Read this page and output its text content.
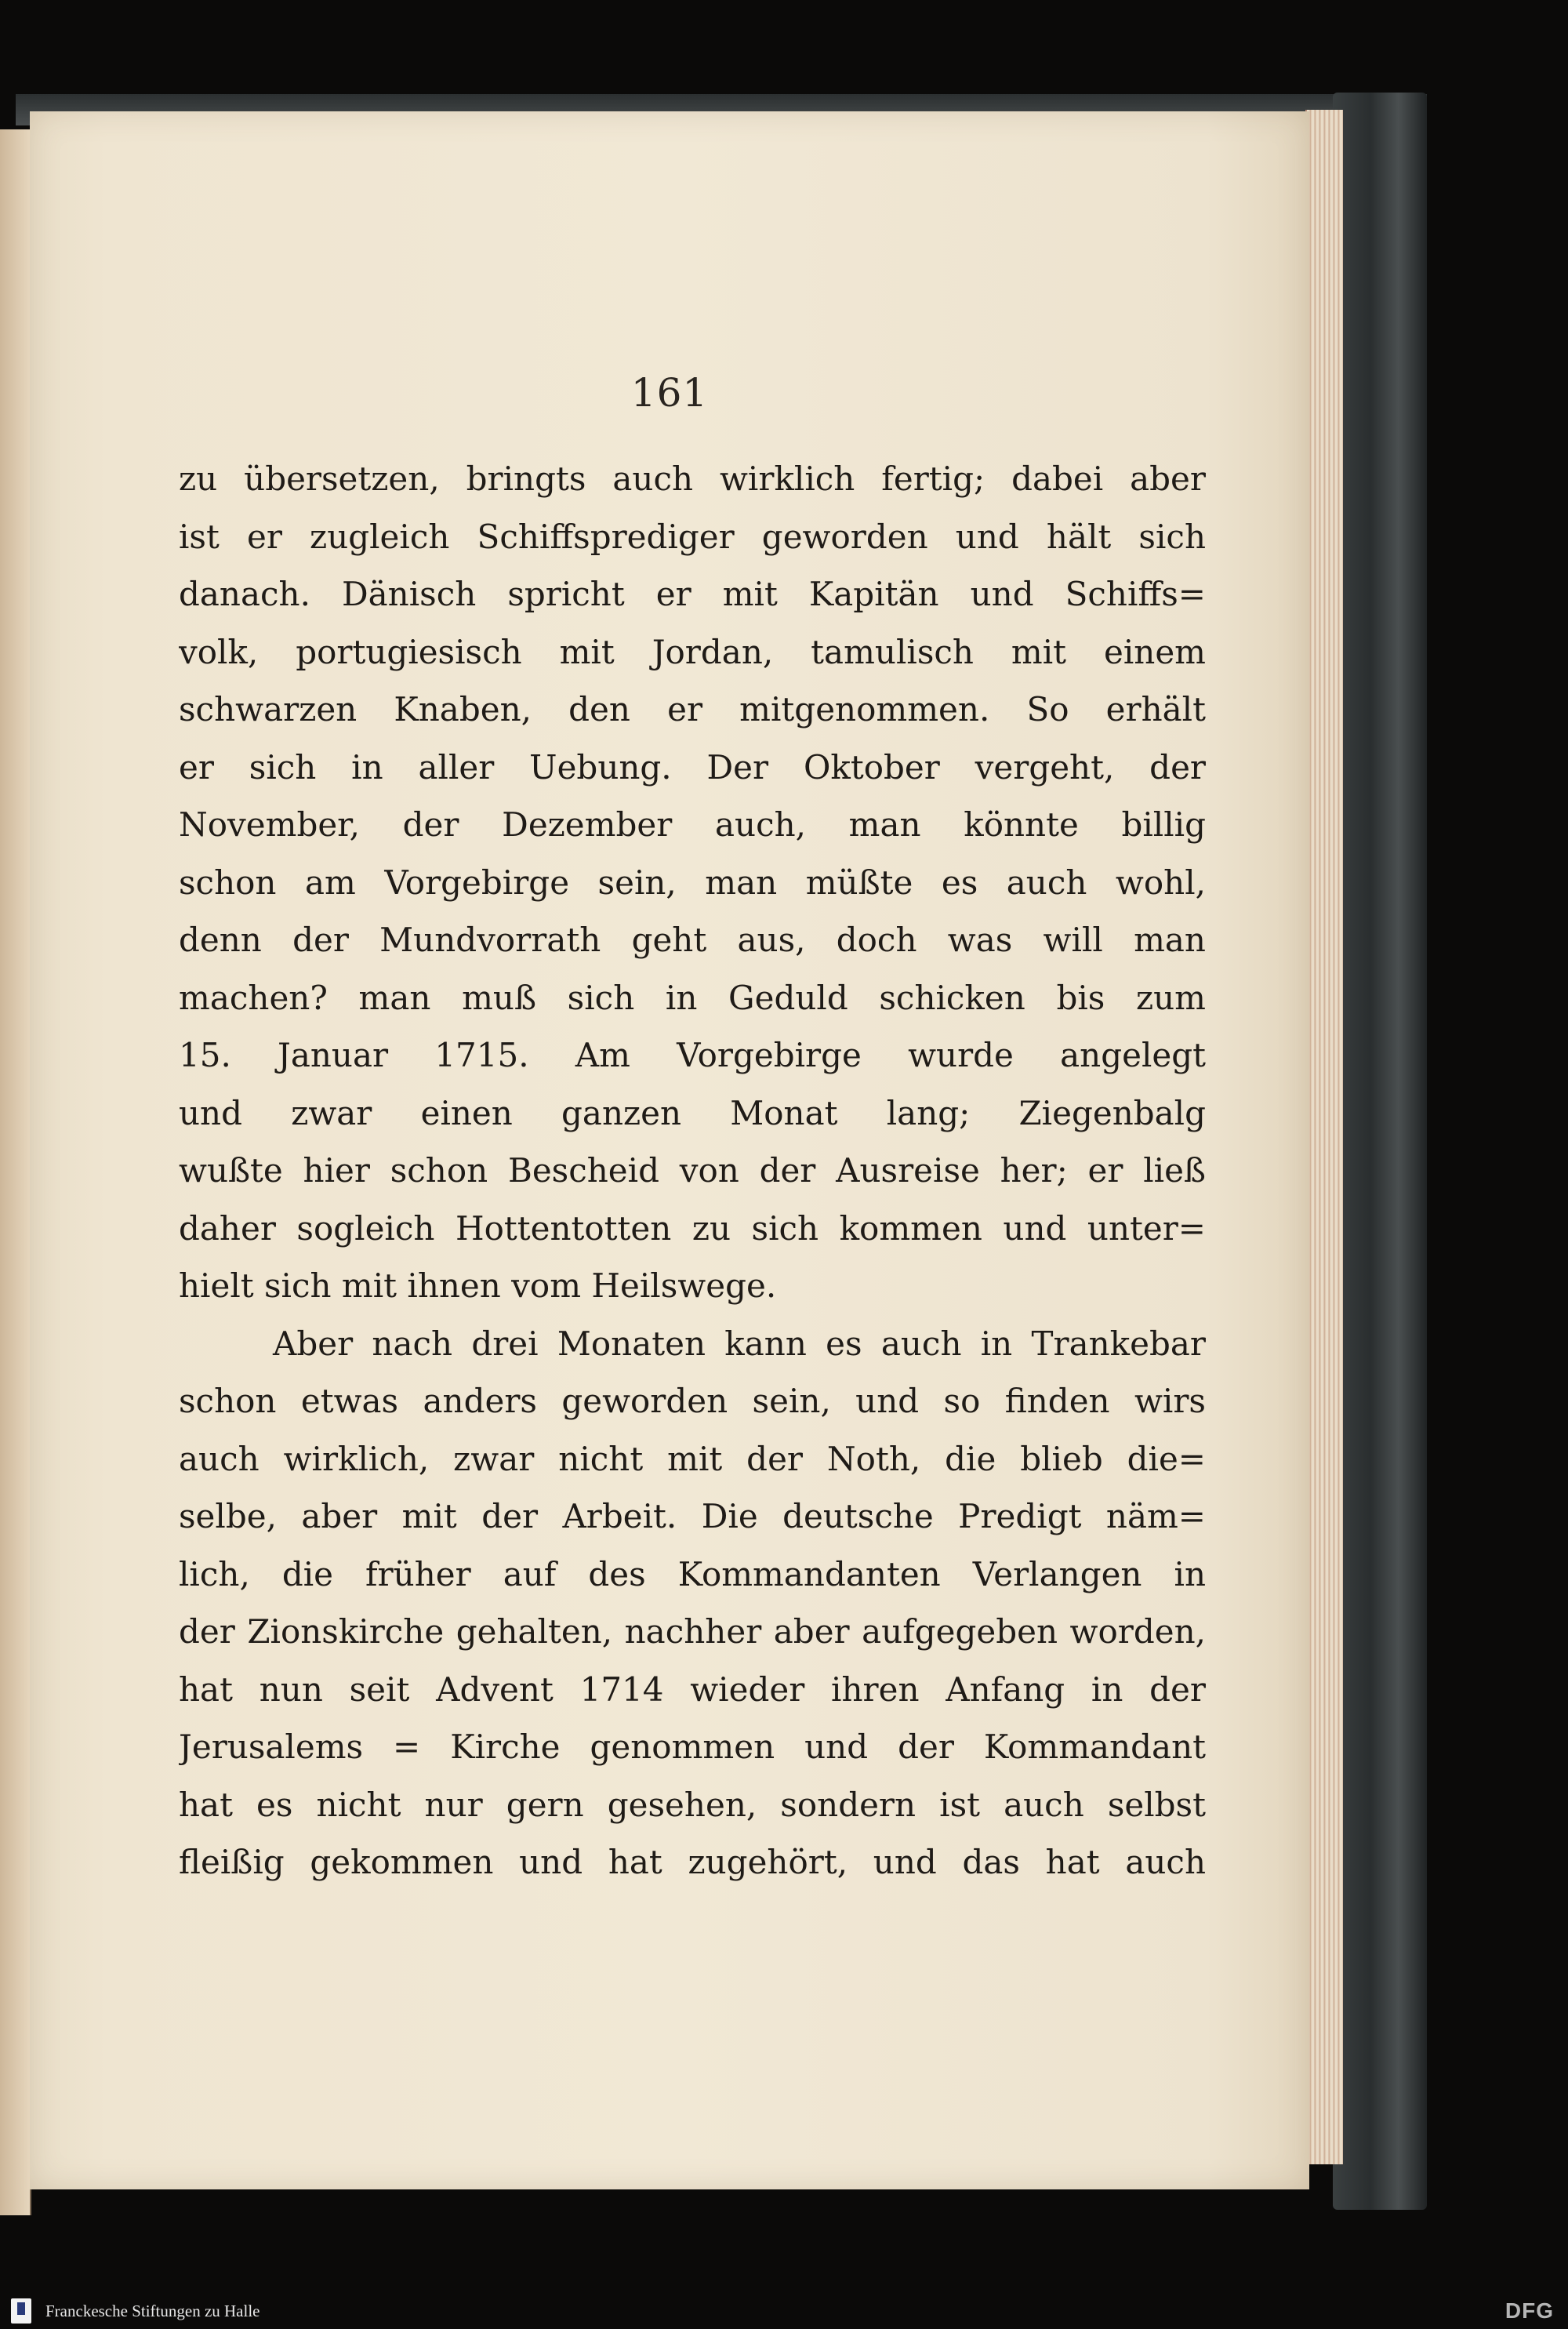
161
zu übersetzen, bringts auch wirklich fertig; dabei aber
ist er zugleich Schiffsprediger geworden und hält sich
danach. Dänisch spricht er mit Kapitän und Schiffs=
volk, portugiesisch mit Jordan, tamulisch mit einem
schwarzen Knaben, den er mitgenommen. So erhält
er sich in aller Uebung. Der Oktober vergeht, der
November, der Dezember auch, man könnte billig
schon am Vorgebirge sein, man müßte es auch wohl,
denn der Mundvorrath geht aus, doch was will man
machen? man muß sich in Geduld schicken bis zum
15. Januar 1715. Am Vorgebirge wurde angelegt
und zwar einen ganzen Monat lang; Ziegenbalg
wußte hier schon Bescheid von der Ausreise her; er ließ
daher sogleich Hottentotten zu sich kommen und unter=
hielt sich mit ihnen vom Heilswege.
Aber nach drei Monaten kann es auch in Trankebar
schon etwas anders geworden sein, und so finden wirs
auch wirklich, zwar nicht mit der Noth, die blieb die=
selbe, aber mit der Arbeit. Die deutsche Predigt näm=
lich, die früher auf des Kommandanten Verlangen in
der Zionskirche gehalten, nachher aber aufgegeben worden,
hat nun seit Advent 1714 wieder ihren Anfang in der
Jerusalems = Kirche genommen und der Kommandant
hat es nicht nur gern gesehen, sondern ist auch selbst
fleißig gekommen und hat zugehört, und das hat auch
Franckesche Stiftungen zu Halle	DFG
